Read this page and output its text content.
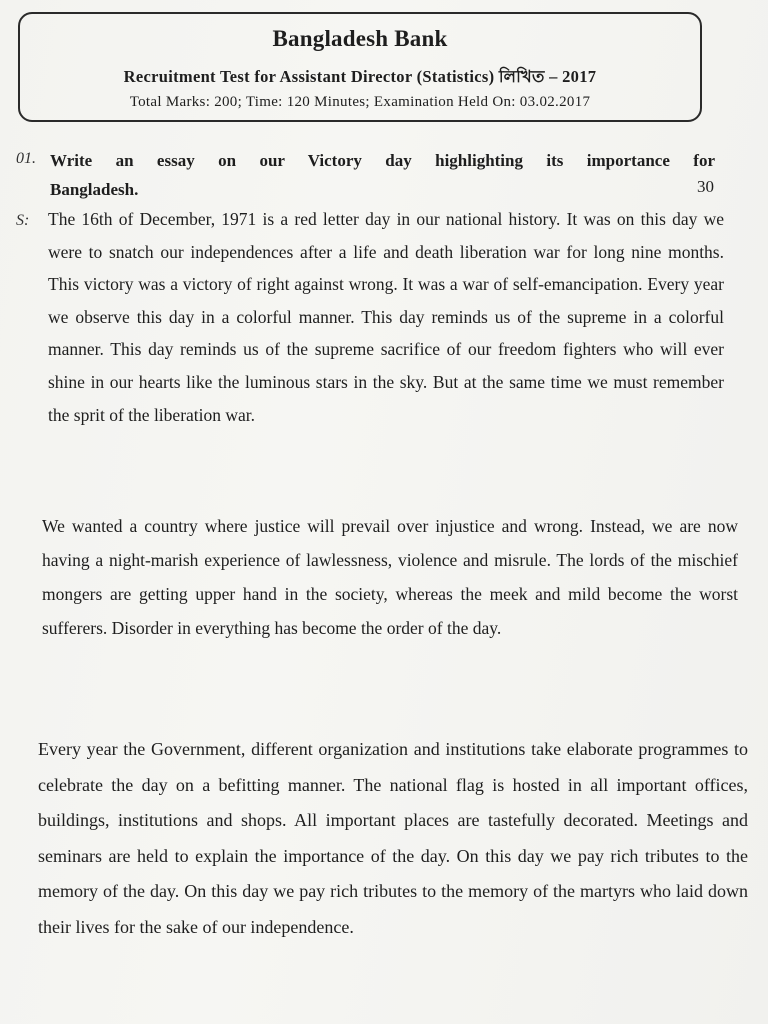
Bangladesh Bank
Recruitment Test for Assistant Director (Statistics) লিখিত – 2017
Total Marks: 200; Time: 120 Minutes; Examination Held On: 03.02.2017
01. Write an essay on our Victory day highlighting its importance for
Bangladesh.	30
S: The 16th of December, 1971 is a red letter day in our national history. It was on this day we were to snatch our independences after a life and death liberation war for long nine months. This victory was a victory of right against wrong. It was a war of self-emancipation. Every year we observe this day in a colorful manner. This day reminds us of the supreme in a colorful manner. This day reminds us of the supreme sacrifice of our freedom fighters who will ever shine in our hearts like the luminous stars in the sky. But at the same time we must remember the sprit of the liberation war.

We wanted a country where justice will prevail over injustice and wrong. Instead, we are now having a night-marish experience of lawlessness, violence and misrule. The lords of the mischief mongers are getting upper hand in the society, whereas the meek and mild become the worst sufferers. Disorder in everything has become the order of the day.

Every year the Government, different organization and institutions take elaborate programmes to celebrate the day on a befitting manner. The national flag is hosted in all important offices, buildings, institutions and shops. All important places are tastefully decorated. Meetings and seminars are held to explain the importance of the day. On this day we pay rich tributes to the memory of the day. On this day we pay rich tributes to the memory of the martyrs who laid down their lives for the sake of our independence.
